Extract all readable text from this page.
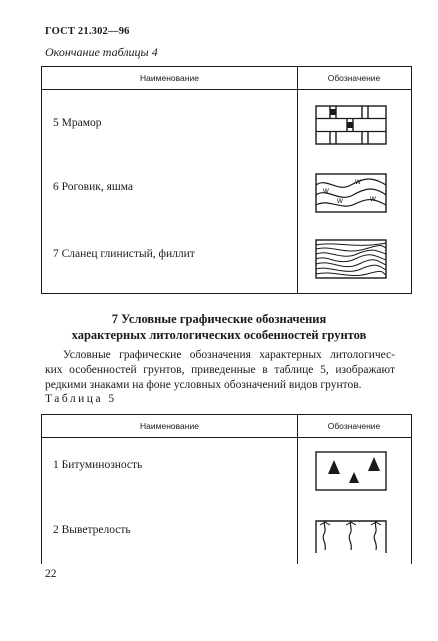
ГОСТ 21.302—96
Окончание таблицы 4
Наименование	Обозначение
5 Мрамор
6 Роговик, яшма
7 Сланец глинистый, филлит
w
w
w	w
7 Условные графические обозначения
характерных литологических особенностей грунтов
Условные графические обозначения характерных литологичес-
ких особенностей грунтов, приведенные в таблице 5, изображают
редкими знаками на фоне условных обозначений видов грунтов.
Таблица 5
Наименование	Обозначение
1 Битуминозность
2 Выветрелость
22
